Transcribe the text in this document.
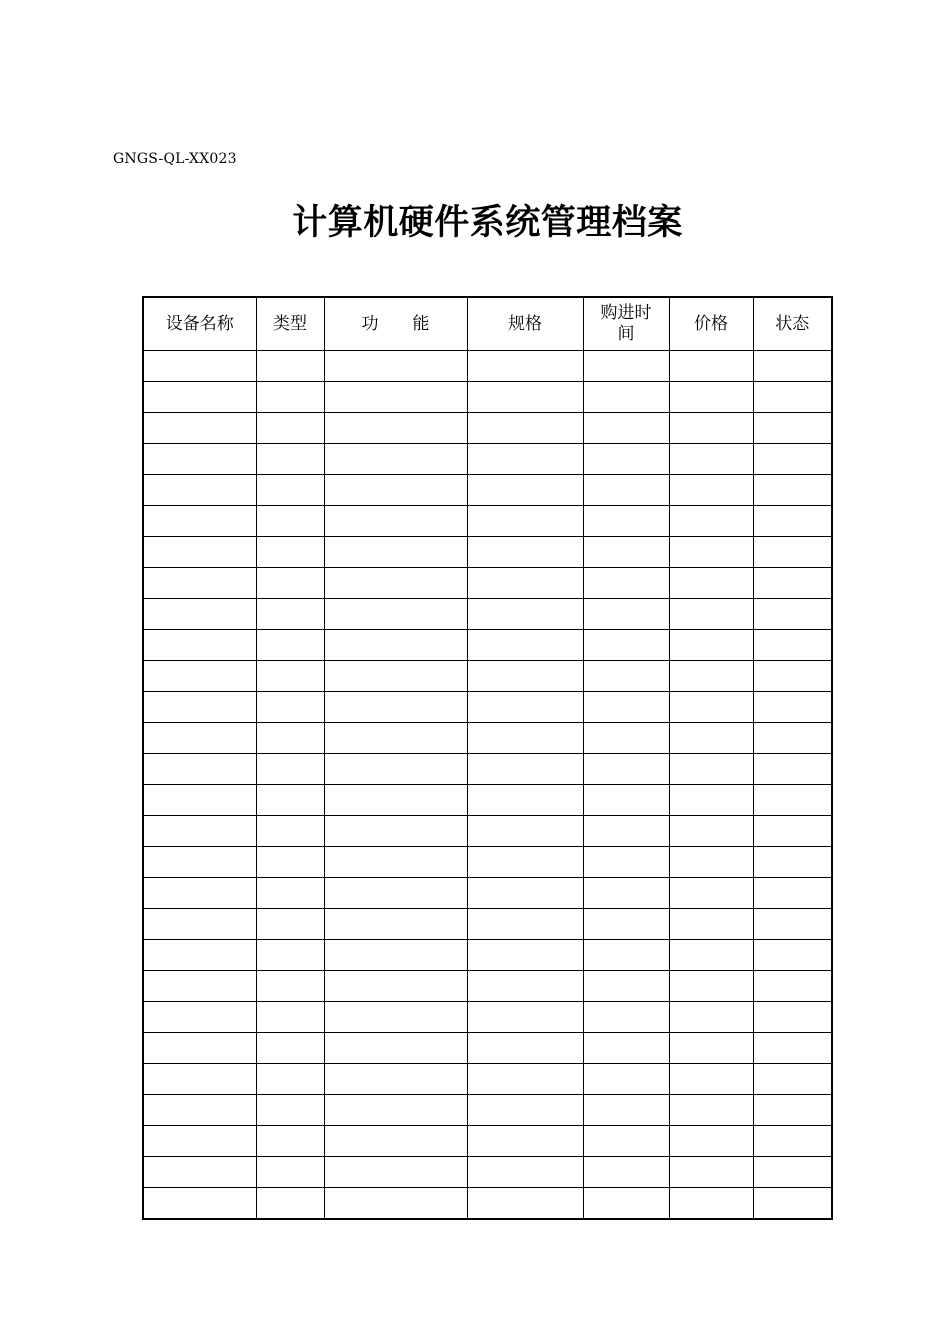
GNGS-QL-XX023
计算机硬件系统管理档案
设备名称	类型	功　　能	规格	购进时间	价格	状态
